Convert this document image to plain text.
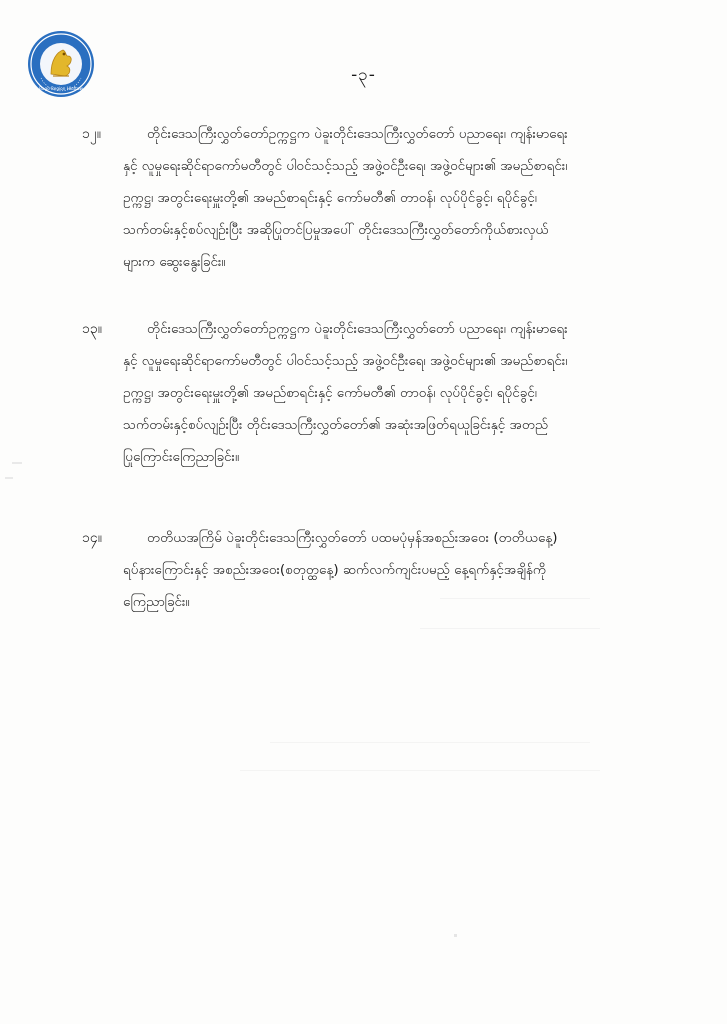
Bago Region Hluttaw
-၃-
၁၂။	တိုင်းဒေသကြီးလွှတ်တော်ဥက္ကဋ္ဌက ပဲခူးတိုင်းဒေသကြီးလွှတ်တော် ပညာရေး၊ ကျန်းမာရေး
နှင့် လူမှုရေးဆိုင်ရာကော်မတီတွင် ပါဝင်သင့်သည့် အဖွဲ့ဝင်ဦးရေ၊ အဖွဲ့ဝင်များ၏ အမည်စာရင်း၊
ဥက္ကဋ္ဌ၊ အတွင်းရေးမှူးတို့၏ အမည်စာရင်းနှင့် ကော်မတီ၏ တာဝန်၊ လုပ်ပိုင်ခွင့်၊ ရပိုင်ခွင့်၊
သက်တမ်းနှင့်စပ်လျဉ်းပြီး အဆိုပြုတင်ပြမှုအပေါ် တိုင်းဒေသကြီးလွှတ်တော်ကိုယ်စားလှယ်
များက ဆွေးနွေးခြင်း။
၁၃။	တိုင်းဒေသကြီးလွှတ်တော်ဥက္ကဋ္ဌက ပဲခူးတိုင်းဒေသကြီးလွှတ်တော် ပညာရေး၊ ကျန်းမာရေး
နှင့် လူမှုရေးဆိုင်ရာကော်မတီတွင် ပါဝင်သင့်သည့် အဖွဲ့ဝင်ဦးရေ၊ အဖွဲ့ဝင်များ၏ အမည်စာရင်း၊
ဥက္ကဋ္ဌ၊ အတွင်းရေးမှူးတို့၏ အမည်စာရင်းနှင့် ကော်မတီ၏ တာဝန်၊ လုပ်ပိုင်ခွင့်၊ ရပိုင်ခွင့်၊
သက်တမ်းနှင့်စပ်လျဉ်းပြီး တိုင်းဒေသကြီးလွှတ်တော်၏ အဆုံးအဖြတ်ရယူခြင်းနှင့် အတည်
ပြုကြောင်းကြေညာခြင်း။
၁၄။	တတိယအကြိမ် ပဲခူးတိုင်းဒေသကြီးလွှတ်တော် ပထမပုံမှန်အစည်းအဝေး (တတိယနေ့)
ရပ်နားကြောင်းနှင့် အစည်းအဝေး(စတုတ္ထနေ့) ဆက်လက်ကျင်းပမည့် နေ့ရက်နှင့်အချိန်ကို
ကြေညာခြင်း။
